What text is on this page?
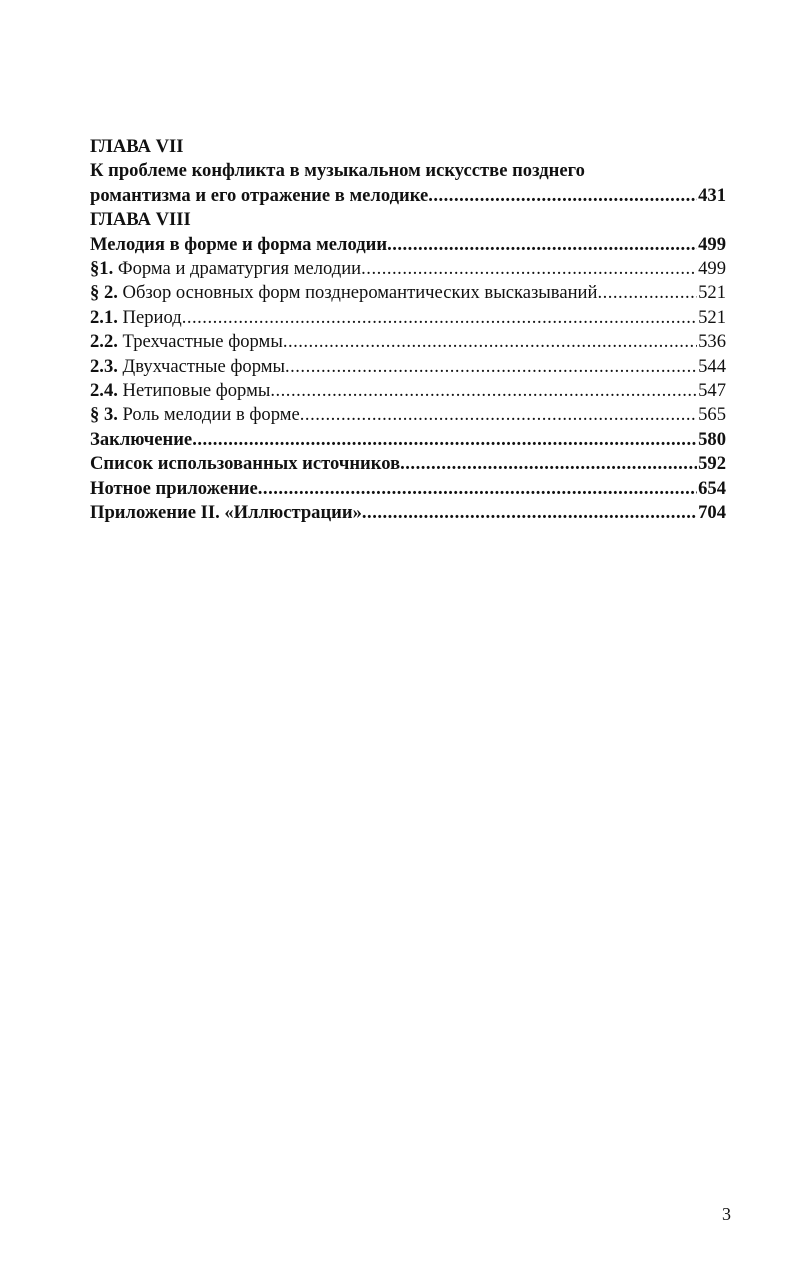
ГЛАВА VII
К проблеме конфликта в музыкальном искусстве позднего
романтизма и его отражение в мелодике .....	431
ГЛАВА VIII
Мелодия в форме и форма мелодии .....	499
§1. Форма и драматургия мелодии .....	499
§ 2. Обзор основных форм позднеромантических высказываний .....	521
2.1. Период .....	521
2.2. Трехчастные формы .....	536
2.3. Двухчастные формы .....	544
2.4. Нетиповые формы .....	547
§ 3. Роль мелодии в форме .....	565
Заключение .....	580
Список использованных источников .....	592
Нотное приложение .....	654
Приложение II. «Иллюстрации» .....	704
3
